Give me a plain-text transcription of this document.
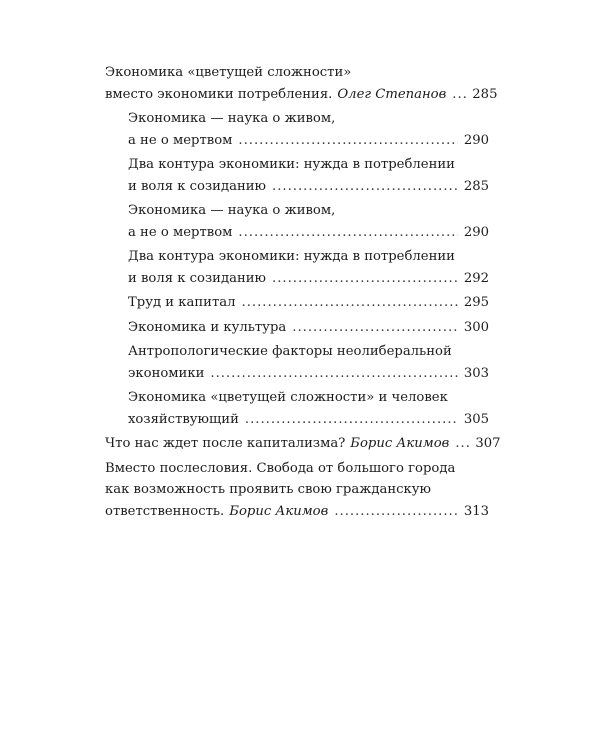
Экономика «цветущей сложности»
вместо экономики потребления. Олег Степанов ..... 285
Экономика — наука о живом,
а не о мертвом .....	290
Два контура экономики: нужда в потреблении
и воля к созиданию .....	285
Экономика — наука о живом,
а не о мертвом .....	290
Два контура экономики: нужда в потреблении
и воля к созиданию .....	292
Труд и капитал .....	295
Экономика и культура .....	300
Антропологические факторы неолиберальной
экономики .....	303
Экономика «цветущей сложности» и человек
хозяйствующий .....	305
Что нас ждет после капитализма? Борис Акимов ..... 307
Вместо послесловия. Свобода от большого города
как возможность проявить свою гражданскую
ответственность. Борис Акимов .....	313
